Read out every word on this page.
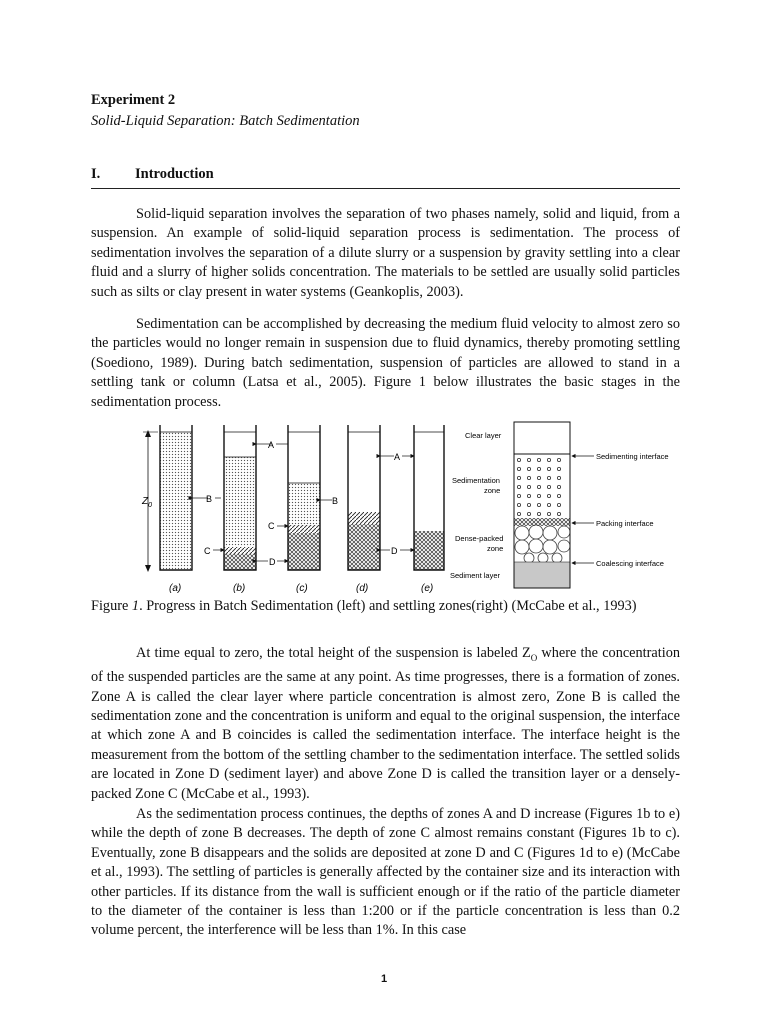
Experiment 2
Solid-Liquid Separation: Batch Sedimentation
I. Introduction

Solid-liquid separation involves the separation of two phases namely, solid and liquid, from a suspension. An example of solid-liquid separation process is sedimentation. The process of sedimentation involves the separation of a dilute slurry or a suspension by gravity settling into a clear fluid and a slurry of higher solids concentration. The materials to be settled are usually solid particles such as silts or clay present in water systems (Geankoplis, 2003).

Sedimentation can be accomplished by decreasing the medium fluid velocity to almost zero so the particles would no longer remain in suspension due to fluid dynamics, thereby promoting settling (Soediono, 1989). During batch sedimentation, suspension of particles are allowed to stand in a settling tank or column (Latsa et al., 2005). Figure 1 below illustrates the basic stages in the sedimentation process.

$Z_0$
B
A
C
C
D
B
A
D
(a)	(b)	(c)	(d)	(e)
Clear layer
Sedimentation
zone
Dense-packed
zone
Sediment layer
Sedimenting interface
Packing interface
Coalescing interface
Figure 1. Progress in Batch Sedimentation (left) and settling zones(right) (McCabe et al., 1993)

At time equal to zero, the total height of the suspension is labeled $Z_O$ where the concentration of the suspended particles are the same at any point. As time progresses, there is a formation of zones. Zone A is called the clear layer where particle concentration is almost zero, Zone B is called the sedimentation zone and the concentration is uniform and equal to the original suspension, the interface at which zone A and B coincides is called the sedimentation interface. The interface height is the measurement from the bottom of the settling chamber to the sedimentation interface. The settled solids are located in Zone D (sediment layer) and above Zone D is called the transition layer or a densely-packed Zone C (McCabe et al., 1993).

As the sedimentation process continues, the depths of zones A and D increase (Figures 1b to e) while the depth of zone B decreases. The depth of zone C almost remains constant (Figures 1b to c). Eventually, zone B disappears and the solids are deposited at zone D and C (Figures 1d to e) (McCabe et al., 1993). The settling of particles is generally affected by the container size and its interaction with other particles. If its distance from the wall is sufficient enough or if the ratio of the particle diameter to the diameter of the container is less than 1:200 or if the particle concentration is less than 0.2 volume percent, the interference will be less than 1%. In this case

1
